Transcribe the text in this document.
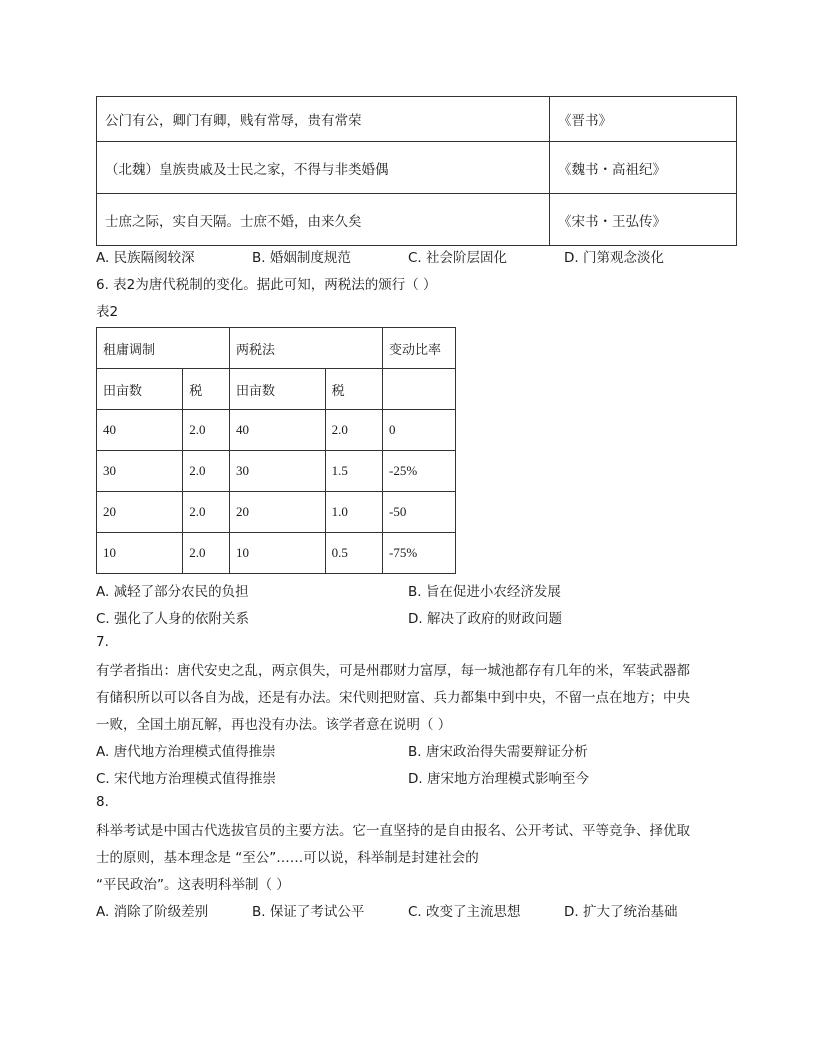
公门有公，卿门有卿，贱有常辱，贵有常荣	《晋书》
（北魏）皇族贵戚及士民之家，不得与非类婚偶	《魏书・高祖纪》
士庶之际，实自天隔。士庶不婚，由来久矣	《宋书・王弘传》
A. 民族隔阂较深	B. 婚姻制度规范	C. 社会阶层固化	D. 门第观念淡化
6. 表2为唐代税制的变化。据此可知，两税法的颁行（ ）
表2
租庸调制		两税法		变动比率
田亩数	税	田亩数	税	
40	2.0	40	2.0	0
30	2.0	30	1.5	-25%
20	2.0	20	1.0	-50
10	2.0	10	0.5	-75%
A. 减轻了部分农民的负担	B. 旨在促进小农经济发展
C. 强化了人身的依附关系	D. 解决了政府的财政问题
7.
有学者指出：唐代安史之乱，两京俱失，可是州郡财力富厚，每一城池都存有几年的米，军装武器都
有储积所以可以各自为战，还是有办法。宋代则把财富、兵力都集中到中央，不留一点在地方；中央
一败，全国土崩瓦解，再也没有办法。该学者意在说明（ ）
A. 唐代地方治理模式值得推崇	B. 唐宋政治得失需要辩证分析
C. 宋代地方治理模式值得推崇	D. 唐宋地方治理模式影响至今
8.
科举考试是中国古代选拔官员的主要方法。它一直坚持的是自由报名、公开考试、平等竞争、择优取
士的原则，基本理念是 “至公”……可以说，科举制是封建社会的
“平民政治”。这表明科举制（ ）
A. 消除了阶级差别	B. 保证了考试公平	C. 改变了主流思想	D. 扩大了统治基础
